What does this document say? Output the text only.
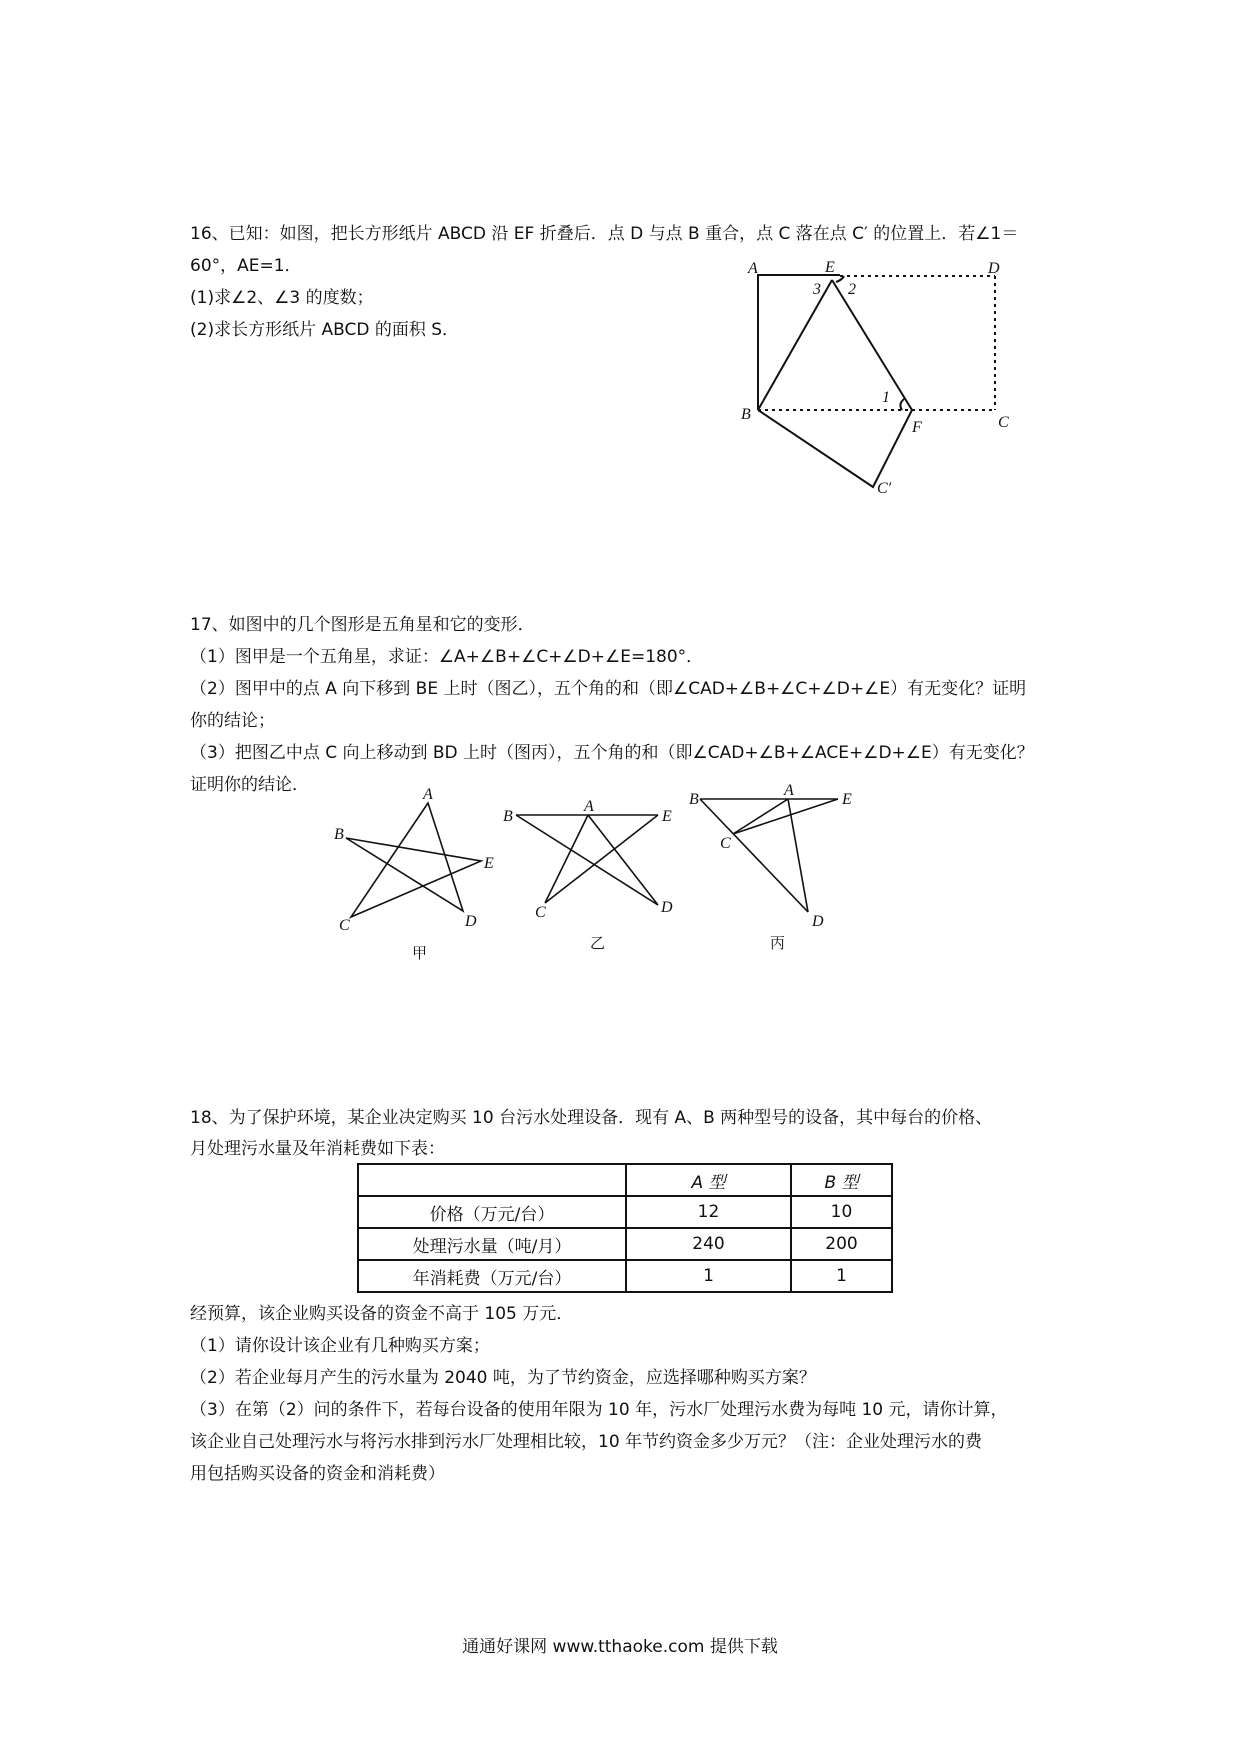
16、已知：如图，把长方形纸片 ABCD 沿 EF 折叠后．点 D 与点 B 重合，点 C 落在点 C′ 的位置上．若∠1＝
60°，AE=1．
(1)求∠2、∠3 的度数；
(2)求长方形纸片 ABCD 的面积 S．
A	E	D
B
F	C
C′
1
2
3
17、如图中的几个图形是五角星和它的变形．
（1）图甲是一个五角星，求证：∠A+∠B+∠C+∠D+∠E=180°．
（2）图甲中的点 A 向下移到 BE 上时（图乙），五个角的和（即∠CAD+∠B+∠C+∠D+∠E）有无变化？证明
你的结论；
（3）把图乙中点 C 向上移动到 BD 上时（图丙），五个角的和（即∠CAD+∠B+∠ACE+∠D+∠E）有无变化？
证明你的结论．	A
B
C	D
E
甲
B
A
E
C	D
乙
B
A
E
C
D
丙
18、为了保护环境，某企业决定购买 10 台污水处理设备．现有 A、B 两种型号的设备，其中每台的价格、
月处理污水量及年消耗费如下表：
	A 型	B 型
价格（万元/台）	12	10
处理污水量（吨/月）	240	200
年消耗费（万元/台）	1	1
经预算，该企业购买设备的资金不高于 105 万元．
（1）请你设计该企业有几种购买方案；
（2）若企业每月产生的污水量为 2040 吨，为了节约资金，应选择哪种购买方案？
（3）在第（2）问的条件下，若每台设备的使用年限为 10 年，污水厂处理污水费为每吨 10 元，请你计算，
该企业自己处理污水与将污水排到污水厂处理相比较，10 年节约资金多少万元？（注：企业处理污水的费
用包括购买设备的资金和消耗费）
通通好课网 www.tthaoke.com 提供下载
